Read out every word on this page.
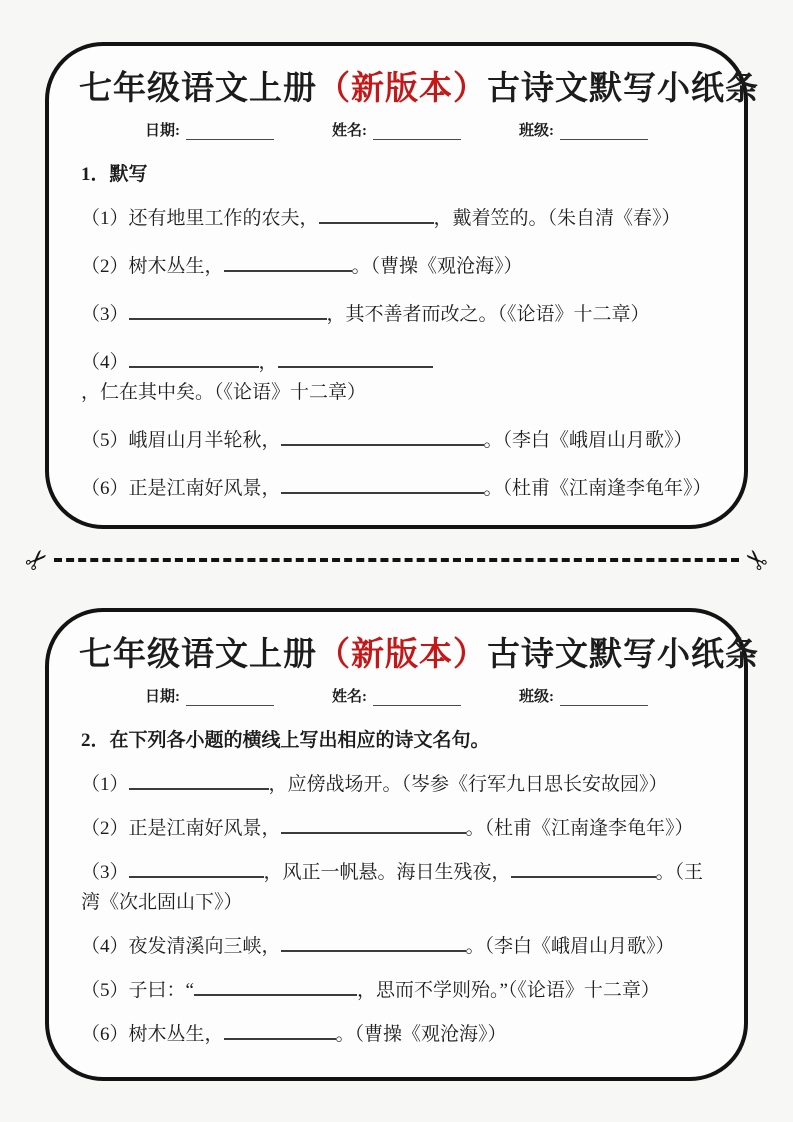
七年级语文上册（新版本）古诗文默写小纸条
日期:	姓名:	班级:
1．默写
（1）还有地里工作的农夫，	，戴着笠的。（朱自清《春》）
（2）树木丛生，	。（曹操《观沧海》）
（3）	，其不善者而改之。（《论语》十二章）
（4）	，，仁在其中矣。（《论语》十二章）
（5）峨眉山月半轮秋，	。（李白《峨眉山月歌》）
（6）正是江南好风景，	。（杜甫《江南逢李龟年》）
✂	✂
七年级语文上册（新版本）古诗文默写小纸条
日期:	姓名:	班级:
2．在下列各小题的横线上写出相应的诗文名句。
（1）	，应傍战场开。（岑参《行军九日思长安故园》）
（2）正是江南好风景，	。（杜甫《江南逢李龟年》）
（3）	，风正一帆悬。海日生残夜，	。（王湾《次北固山下》）
（4）夜发清溪向三峡，	。（李白《峨眉山月歌》）
（5）子曰：“	，思而不学则殆。”（《论语》十二章）
（6）树木丛生，	。（曹操《观沧海》）
